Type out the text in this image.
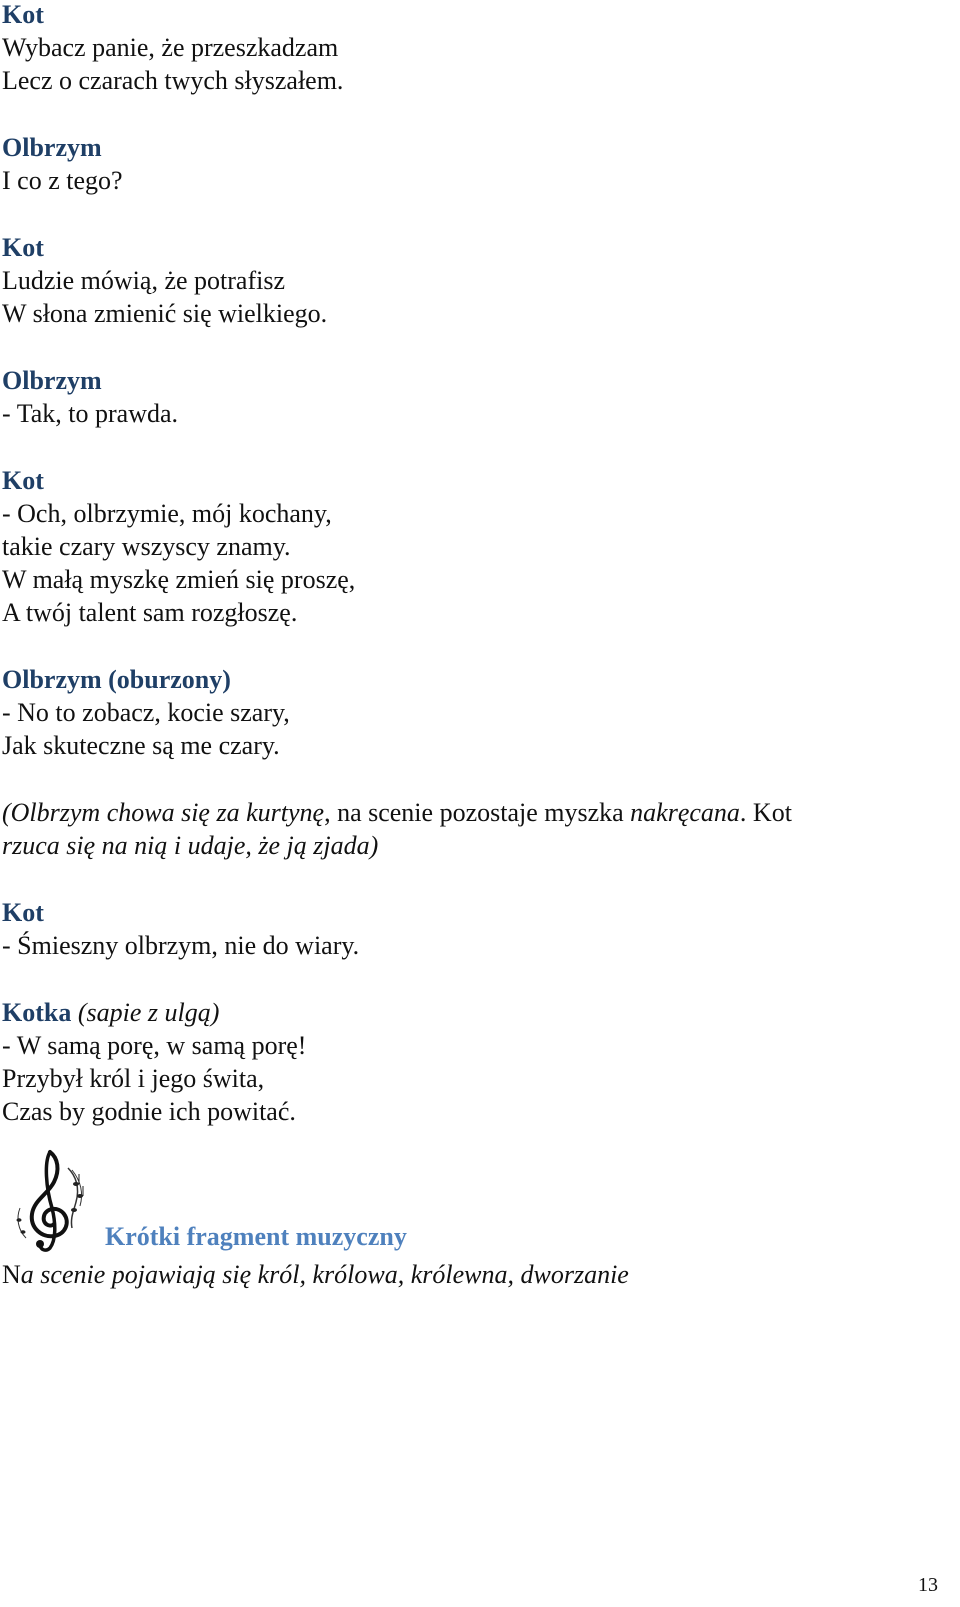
Kot
Wybacz panie, że przeszkadzam
Lecz o czarach twych słyszałem.
Olbrzym
I co z tego?
Kot
Ludzie mówią, że potrafisz
W słona zmienić się wielkiego.
Olbrzym
- Tak, to prawda.
Kot
- Och, olbrzymie, mój kochany,
takie czary wszyscy znamy.
W małą myszkę zmień się proszę,
A twój talent sam rozgłoszę.
Olbrzym (oburzony)
- No to zobacz, kocie szary,
Jak skuteczne są me czary.
(Olbrzym chowa się za kurtynę, na scenie pozostaje myszka nakręcana. Kot
rzuca się na nią i udaje, że ją zjada)
Kot
- Śmieszny olbrzym, nie do wiary.
Kotka (sapie z ulgą)
- W samą porę, w samą porę!
Przybył król i jego świta,
Czas by godnie ich powitać.
Krótki fragment muzyczny
Na scenie pojawiają się król, królowa, królewna, dworzanie
13
